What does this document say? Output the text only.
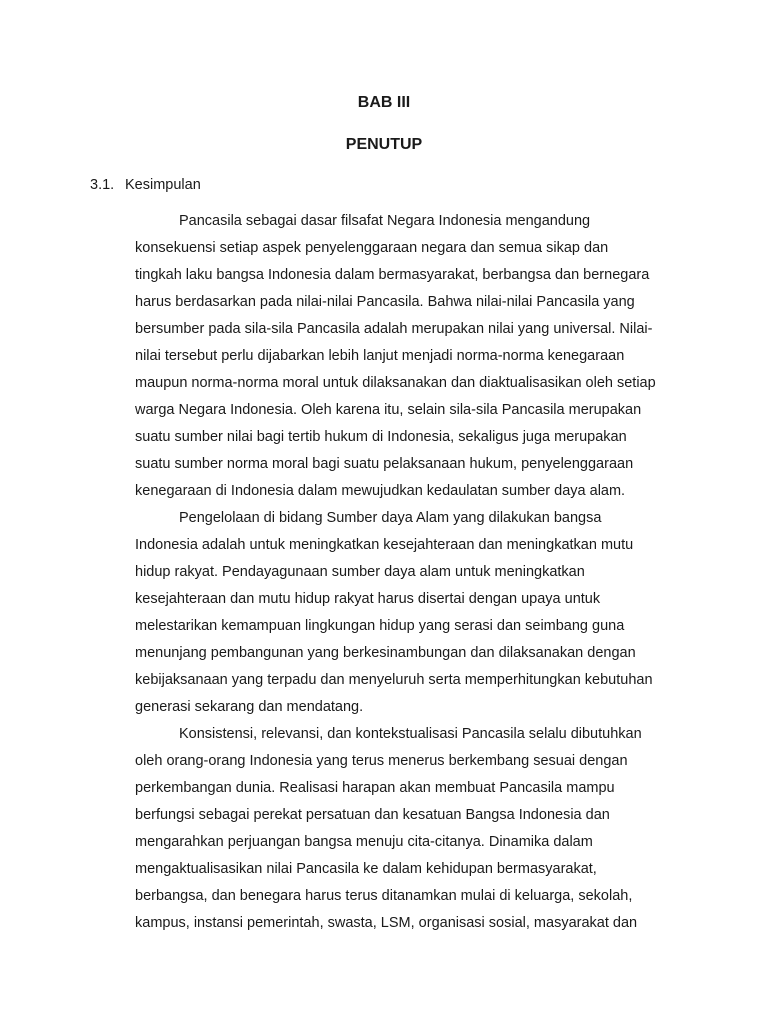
BAB III
PENUTUP
3.1. Kesimpulan

Pancasila sebagai dasar filsafat Negara Indonesia mengandung

konsekuensi setiap aspek penyelenggaraan negara dan semua sikap dan

tingkah laku bangsa Indonesia dalam bermasyarakat, berbangsa dan bernegara

harus berdasarkan pada nilai-nilai Pancasila. Bahwa nilai-nilai Pancasila yang

bersumber pada sila-sila Pancasila adalah merupakan nilai yang universal. Nilai-

nilai tersebut perlu dijabarkan lebih lanjut menjadi norma-norma kenegaraan

maupun norma-norma moral untuk dilaksanakan dan diaktualisasikan oleh setiap

warga Negara Indonesia. Oleh karena itu, selain sila-sila Pancasila merupakan

suatu sumber nilai bagi tertib hukum di Indonesia, sekaligus juga merupakan

suatu sumber norma moral bagi suatu pelaksanaan hukum, penyelenggaraan

kenegaraan di Indonesia dalam mewujudkan kedaulatan sumber daya alam.

Pengelolaan di bidang Sumber daya Alam yang dilakukan bangsa

Indonesia adalah untuk meningkatkan kesejahteraan dan meningkatkan mutu

hidup rakyat. Pendayagunaan sumber daya alam untuk meningkatkan

kesejahteraan dan mutu hidup rakyat harus disertai dengan upaya untuk

melestarikan kemampuan lingkungan hidup yang serasi dan seimbang guna

menunjang pembangunan yang berkesinambungan dan dilaksanakan dengan

kebijaksanaan yang terpadu dan menyeluruh serta memperhitungkan kebutuhan

generasi sekarang dan mendatang.

Konsistensi, relevansi, dan kontekstualisasi Pancasila selalu dibutuhkan

oleh orang-orang Indonesia yang terus menerus berkembang sesuai dengan

perkembangan dunia. Realisasi harapan akan membuat Pancasila mampu

berfungsi sebagai perekat persatuan dan kesatuan Bangsa Indonesia dan

mengarahkan perjuangan bangsa menuju cita-citanya. Dinamika dalam

mengaktualisasikan nilai Pancasila ke dalam kehidupan bermasyarakat,

berbangsa, dan benegara harus terus ditanamkan mulai di keluarga, sekolah,

kampus, instansi pemerintah, swasta, LSM, organisasi sosial, masyarakat dan
